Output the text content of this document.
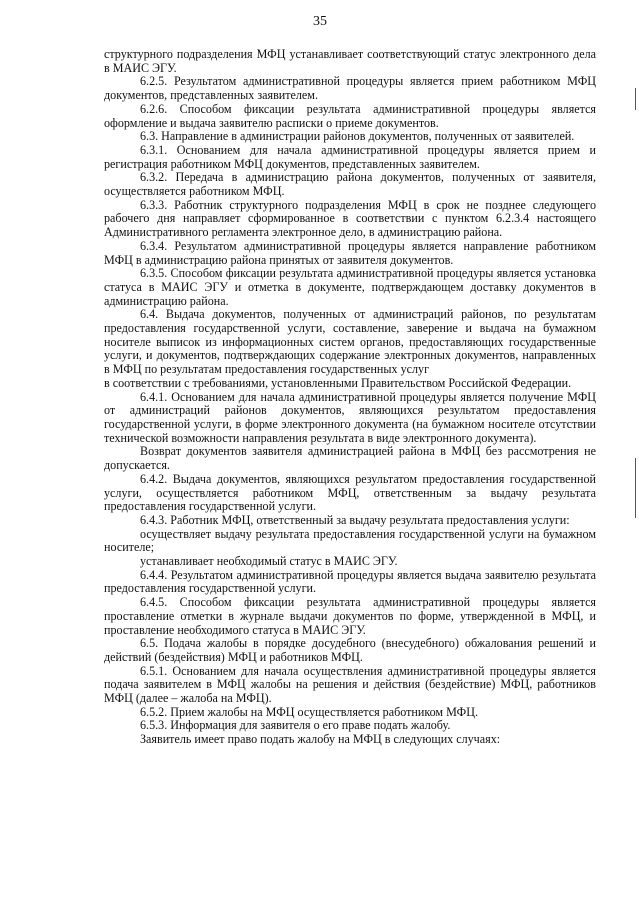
35

структурного подразделения МФЦ устанавливает соответствующий статус электронного дела в МАИС ЭГУ.

6.2.5. Результатом административной процедуры является прием работником МФЦ документов, представленных заявителем.

6.2.6. Способом фиксации результата административной процедуры является оформление и выдача заявителю расписки о приеме документов.

6.3. Направление в администрации районов документов, полученных от заявителей.

6.3.1. Основанием для начала административной процедуры является прием и регистрация работником МФЦ документов, представленных заявителем.

6.3.2. Передача в администрацию района документов, полученных от заявителя, осуществляется работником МФЦ.

6.3.3. Работник структурного подразделения МФЦ в срок не позднее следующего рабочего дня направляет сформированное в соответствии с пунктом 6.2.3.4 настоящего Административного регламента электронное дело, в администрацию района.

6.3.4. Результатом административной процедуры является направление работником МФЦ в администрацию района принятых от заявителя документов.

6.3.5. Способом фиксации результата административной процедуры является установка статуса в МАИС ЭГУ и отметка в документе, подтверждающем доставку документов в администрацию района.

6.4. Выдача документов, полученных от администраций районов, по результатам предоставления государственной услуги, составление, заверение и выдача на бумажном носителе выписок из информационных систем органов, предоставляющих государственные услуги, и документов, подтверждающих содержание электронных документов, направленных в МФЦ по результатам предоставления государственных услуг

в соответствии с требованиями, установленными Правительством Российской Федерации.

6.4.1. Основанием для начала административной процедуры является получение МФЦ от администраций районов документов, являющихся результатом предоставления государственной услуги, в форме электронного документа (на бумажном носителе отсутствии технической возможности направления результата в виде электронного документа).

Возврат документов заявителя администрацией района в МФЦ без рассмотрения не допускается.

6.4.2. Выдача документов, являющихся результатом предоставления государственной услуги, осуществляется работником МФЦ, ответственным за выдачу результата предоставления государственной услуги.

6.4.3. Работник МФЦ, ответственный за выдачу результата предоставления услуги:

осуществляет выдачу результата предоставления государственной услуги на бумажном носителе;

устанавливает необходимый статус в МАИС ЭГУ.

6.4.4. Результатом административной процедуры является выдача заявителю результата предоставления государственной услуги.

6.4.5. Способом фиксации результата административной процедуры является проставление отметки в журнале выдачи документов по форме, утвержденной в МФЦ, и проставление необходимого статуса в МАИС ЭГУ.

6.5. Подача жалобы в порядке досудебного (внесудебного) обжалования решений и действий (бездействия) МФЦ и работников МФЦ.

6.5.1. Основанием для начала осуществления административной процедуры является подача заявителем в МФЦ жалобы на решения и действия (бездействие) МФЦ, работников МФЦ (далее – жалоба на МФЦ).

6.5.2. Прием жалобы на МФЦ осуществляется работником МФЦ.

6.5.3. Информация для заявителя о его праве подать жалобу.

Заявитель имеет право подать жалобу на МФЦ в следующих случаях:
